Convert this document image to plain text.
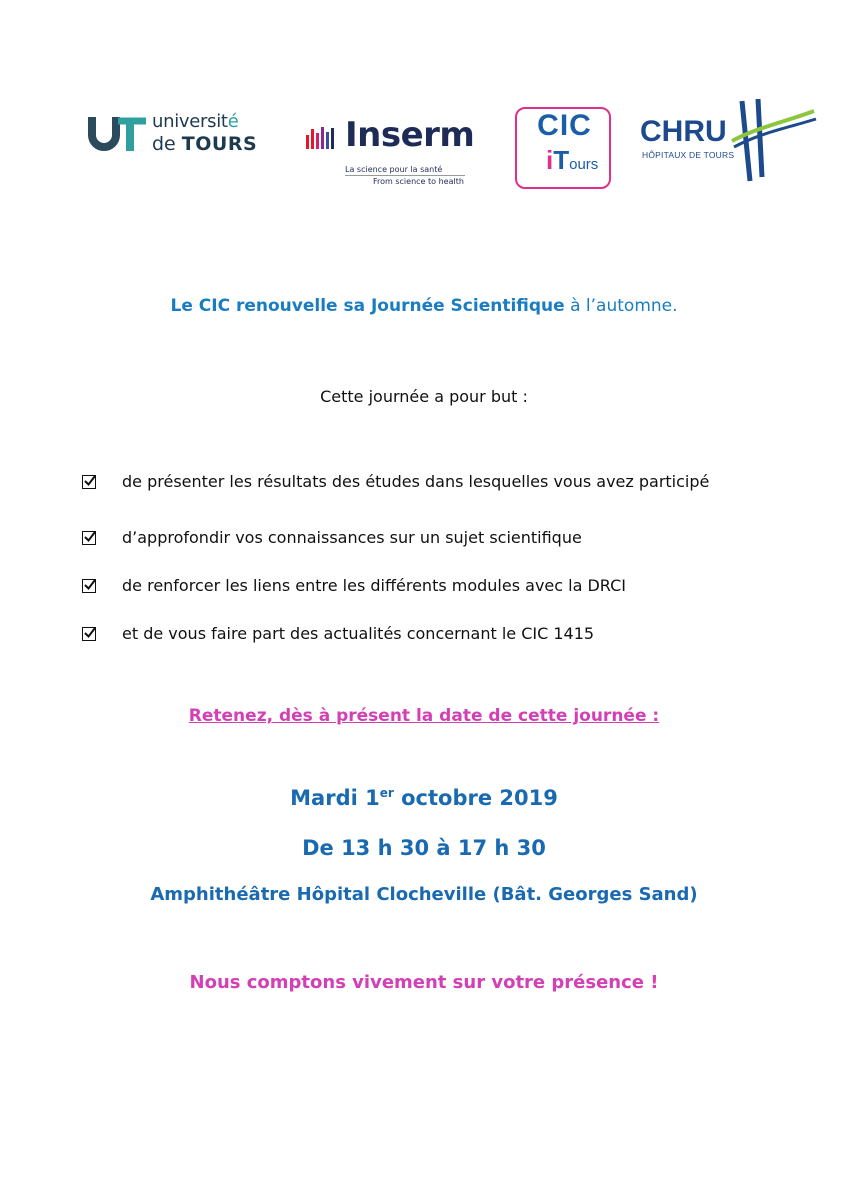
université
de TOURS	Inserm
La science pour la santé
From science to health
CIC
iTours
CHRU
HÔPITAUX DE TOURS
Le CIC renouvelle sa Journée Scientifique à l’automne.
Cette journée a pour but :
de présenter les résultats des études dans lesquelles vous avez participé
d’approfondir vos connaissances sur un sujet scientifique
de renforcer les liens entre les différents modules avec la DRCI
et de vous faire part des actualités concernant le CIC 1415
Retenez, dès à présent la date de cette journée :
Mardi 1er octobre 2019
De 13 h 30 à 17 h 30
Amphithéâtre Hôpital Clocheville (Bât. Georges Sand)
Nous comptons vivement sur votre présence !
